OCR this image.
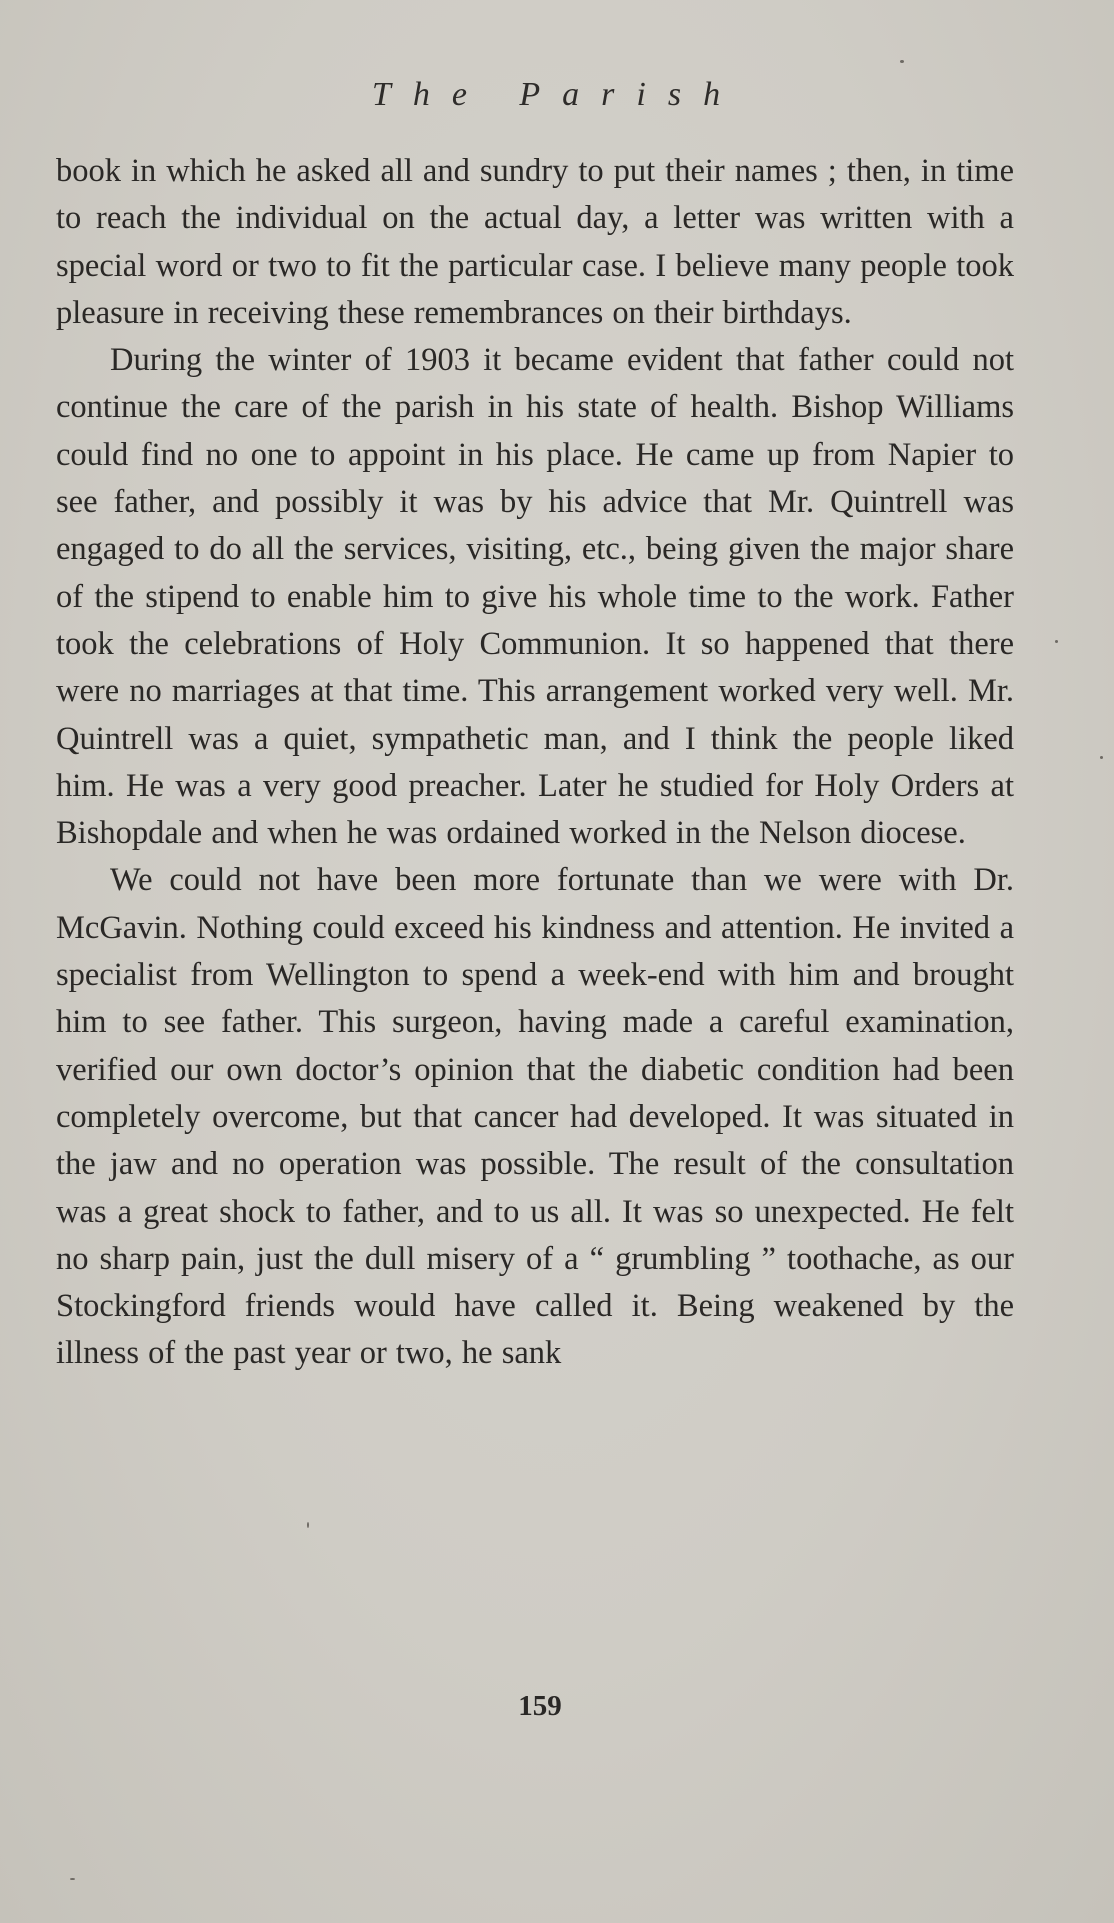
The Parish

book in which he asked all and sundry to put their names ; then, in time to reach the individual on the actual day, a letter was written with a special word or two to fit the particular case. I believe many people took pleasure in receiving these remembrances on their birthdays.

During the winter of 1903 it became evident that father could not continue the care of the parish in his state of health. Bishop Williams could find no one to appoint in his place. He came up from Napier to see father, and possibly it was by his advice that Mr. Quintrell was engaged to do all the services, visiting, etc., being given the major share of the stipend to enable him to give his whole time to the work. Father took the celebrations of Holy Communion. It so happened that there were no marriages at that time. This arrangement worked very well. Mr. Quintrell was a quiet, sympathetic man, and I think the people liked him. He was a very good preacher. Later he studied for Holy Orders at Bishopdale and when he was ordained worked in the Nelson diocese.

We could not have been more fortunate than we were with Dr. McGavin. Nothing could exceed his kindness and attention. He invited a specialist from Wellington to spend a week-end with him and brought him to see father. This surgeon, having made a careful examination, verified our own doctor’s opinion that the diabetic condition had been completely overcome, but that cancer had developed. It was situated in the jaw and no operation was possible. The result of the consultation was a great shock to father, and to us all. It was so unexpected. He felt no sharp pain, just the dull misery of a “ grumbling ” toothache, as our Stockingford friends would have called it. Being weakened by the illness of the past year or two, he sank

159
